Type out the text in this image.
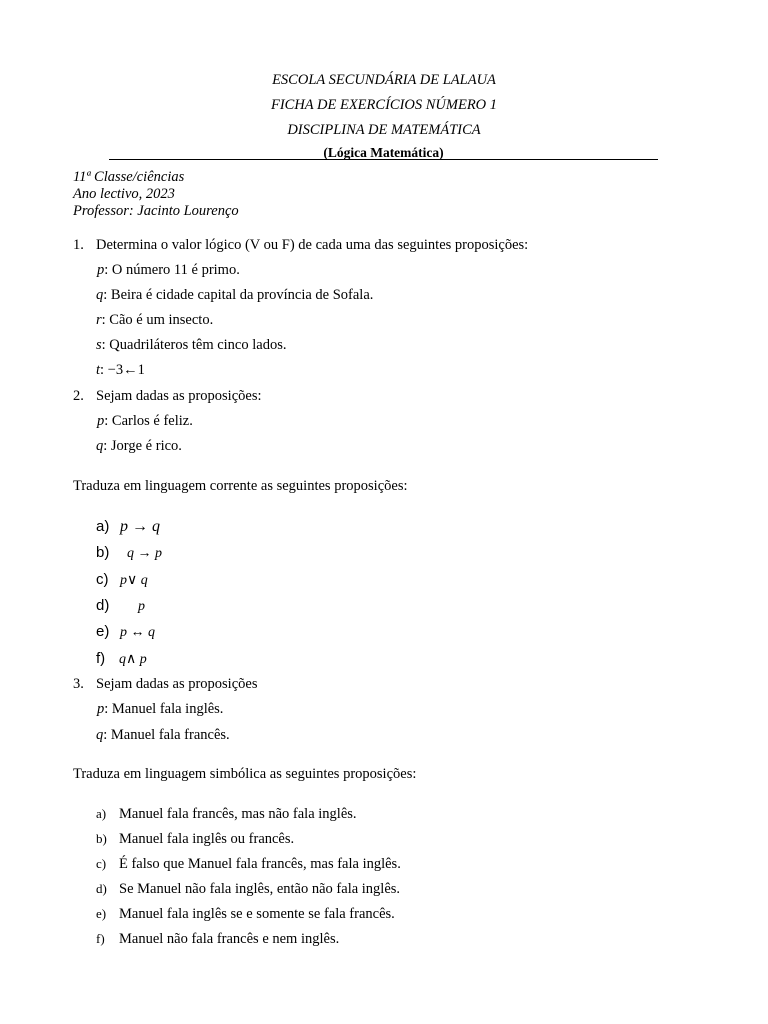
ESCOLA SECUNDÁRIA DE LALAUA
FICHA DE EXERCÍCIOS NÚMERO 1
DISCIPLINA DE MATEMÁTICA
(Lógica Matemática)
11ª Classe/ciências
Ano lectivo, 2023
Professor: Jacinto Lourenço
1. Determina o valor lógico (V ou F) de cada uma das seguintes proposições:
p: O número 11 é primo.
q: Beira é cidade capital da província de Sofala.
r: Cão é um insecto.
s: Quadriláteros têm cinco lados.
t: −3←1
2. Sejam dadas as proposições:
p: Carlos é feliz.
q: Jorge é rico.
Traduza em linguagem corrente as seguintes proposições:
a) p → q
b) q → p
c) p∨ q
d) p
e) p ↔ q
f) q∧ p
3. Sejam dadas as proposições
p: Manuel fala inglês.
q: Manuel fala francês.
Traduza em linguagem simbólica as seguintes proposições:
a) Manuel fala francês, mas não fala inglês.
b) Manuel fala inglês ou francês.
c) É falso que Manuel fala francês, mas fala inglês.
d) Se Manuel não fala inglês, então não fala inglês.
e) Manuel fala inglês se e somente se fala francês.
f) Manuel não fala francês e nem inglês.
